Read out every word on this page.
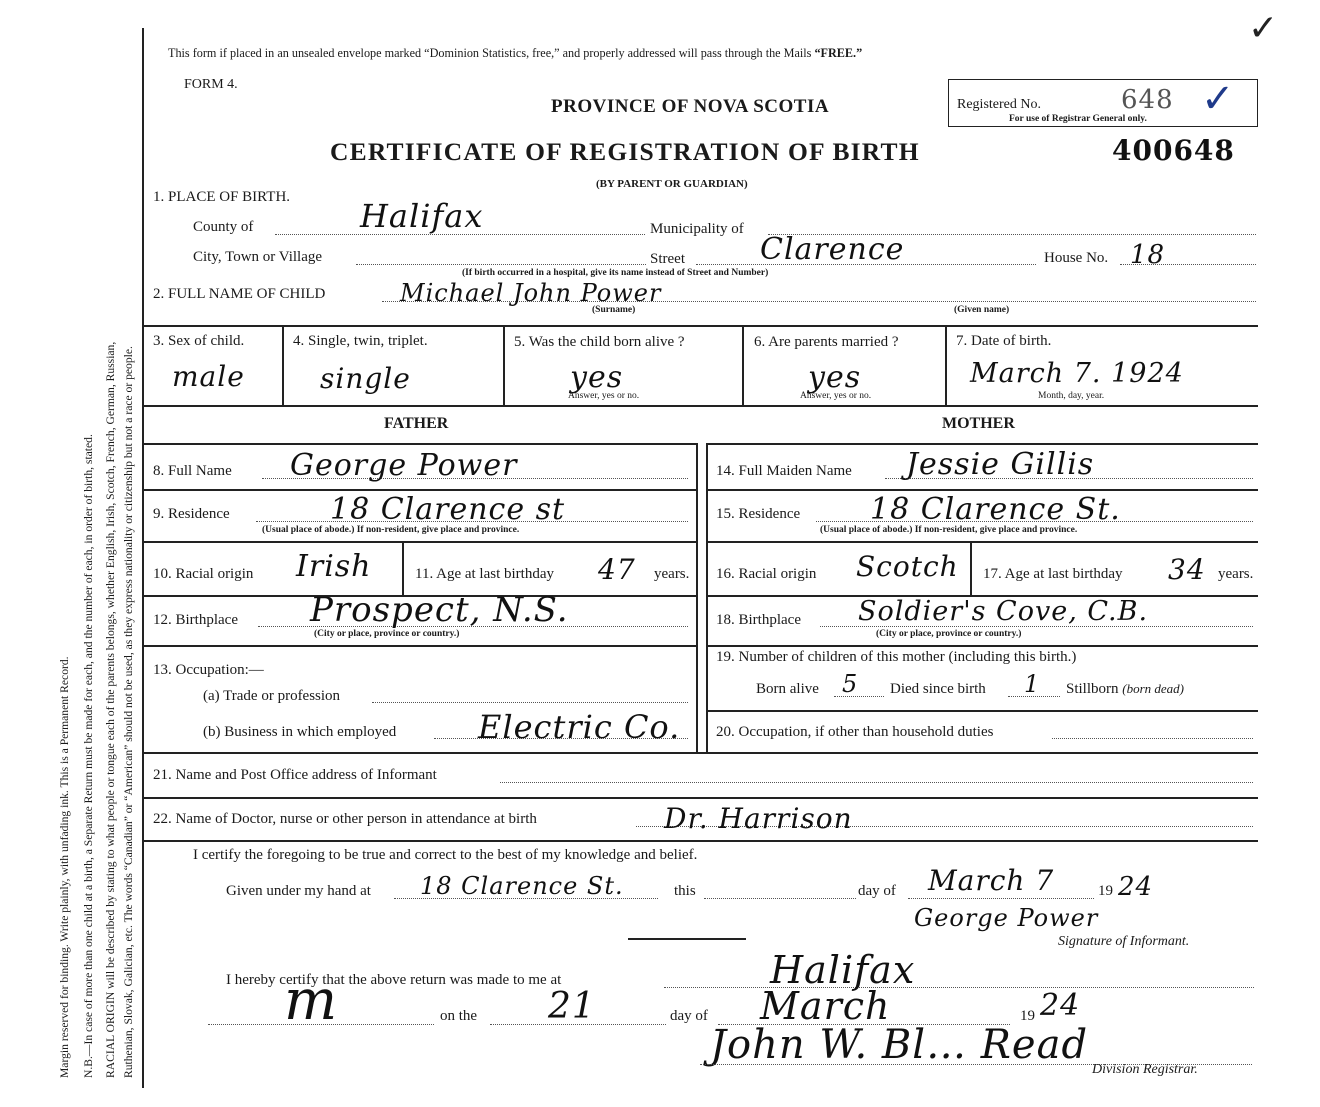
Margin reserved for binding. Write plainly, with unfading ink. This is a Permanent Record. N.B.—In case of more than one child at a birth, a Separate Return must be made for each, and the number of each, in order of birth, stated. RACIAL ORIGIN will be described by stating to what people or tongue each of the parents belongs, whether English, Irish, Scotch, French, German, Russian, Ruthenian, Slovak, Galician, etc. The words “Canadian” or “American” should not be used, as they express nationality or citizenship but not a race or people.
This form if placed in an unsealed envelope marked “Dominion Statistics, free,” and properly addressed will pass through the Mails “FREE.”
FORM 4.
PROVINCE OF NOVA SCOTIA
CERTIFICATE OF REGISTRATION OF BIRTH
(BY PARENT OR GUARDIAN)
400648
Registered No.	648
For use of Registrar General only. ✓
✓
1. PLACE OF BIRTH.
County of	Halifax	Municipality of
City, Town or Village	Street	Clarence	House No. 18
(If birth occurred in a hospital, give its name instead of Street and Number)
2. FULL NAME OF CHILD	Michael John Power
(Surname)	(Given name)
3. Sex of child.
male
4. Single, twin, triplet.
single
5. Was the child born alive ?
yes
Answer, yes or no.
6. Are parents married ?
yes
Answer, yes or no.
7. Date of birth.
March 7. 1924
Month, day, year.
FATHER	MOTHER
8. Full Name George Power
9. Residence	18 Clarence st
(Usual place of abode.) If non-resident, give place and province.
10. Racial origin Irish	11. Age at last birthday 47 years.
12. Birthplace Prospect, N.S.
(City or place, province or country.)
13. Occupation:—
(a) Trade or profession
(b) Business in which employed	Electric Co.
14. Full Maiden Name Jessie Gillis
15. Residence 18 Clarence St.
(Usual place of abode.) If non-resident, give place and province.
16. Racial origin Scotch 17. Age at last birthday 34 years.
18. Birthplace Soldier's Cove, C.B.
(City or place, province or country.)
19. Number of children of this mother (including this birth.)
Born alive 5 Died since birth 1 Stillborn (born dead)
20. Occupation, if other than household duties
21. Name and Post Office address of Informant
22. Name of Doctor, nurse or other person in attendance at birth	Dr. Harrison
I certify the foregoing to be true and correct to the best of my knowledge and belief.
Given under my hand at 18 Clarence St.	this	day of March 7	19 24
George Power
Signature of Informant.
I hereby certify that the above return was made to me at	Halifax
m	on the 21	day of March	19 24
John W. Bl… Read
Division Registrar.
